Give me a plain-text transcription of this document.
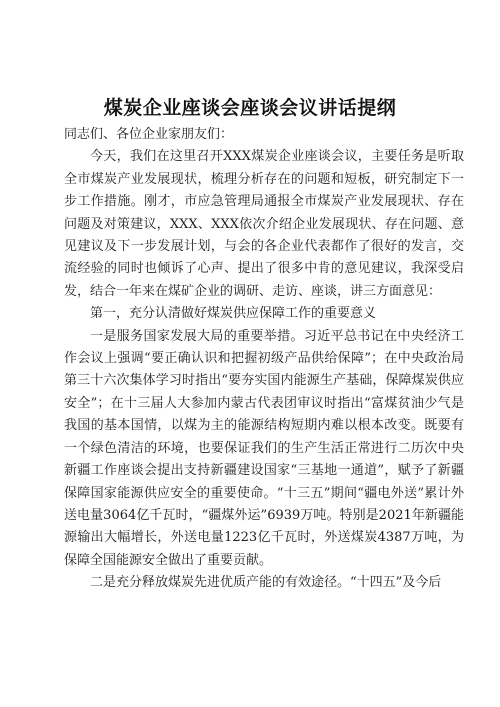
煤炭企业座谈会座谈会议讲话提纲

同志们、各位企业家朋友们：

今天，我们在这里召开XXX煤炭企业座谈会议，主要任务是听取全市煤炭产业发展现状，梳理分析存在的问题和短板，研究制定下一步工作措施。刚才，市应急管理局通报全市煤炭产业发展现状、存在问题及对策建议，XXX、XXX依次介绍企业发展现状、存在问题、意见建议及下一步发展计划，与会的各企业代表都作了很好的发言，交流经验的同时也倾诉了心声、提出了很多中肯的意见建议，我深受启发，结合一年来在煤矿企业的调研、走访、座谈，讲三方面意见：

第一，充分认清做好煤炭供应保障工作的重要意义

一是服务国家发展大局的重要举措。习近平总书记在中央经济工作会议上强调“要正确认识和把握初级产品供给保障”；在中央政治局第三十六次集体学习时指出“要夯实国内能源生产基础，保障煤炭供应安全”；在十三届人大参加内蒙古代表团审议时指出“富煤贫油少气是我国的基本国情，以煤为主的能源结构短期内难以根本改变。既要有一个绿色清洁的环境，也要保证我们的生产生活正常进行二历次中央新疆工作座谈会提出支持新疆建设国家“三基地一通道”，赋予了新疆保障国家能源供应安全的重要使命。“十三五”期间“疆电外送”累计外送电量3064亿千瓦时，“疆煤外运”6939万吨。特别是2021年新疆能源输出大幅增长，外送电量1223亿千瓦时，外送煤炭4387万吨，为保障全国能源安全做出了重要贡献。

二是充分释放煤炭先进优质产能的有效途径。“十四五”及今后
